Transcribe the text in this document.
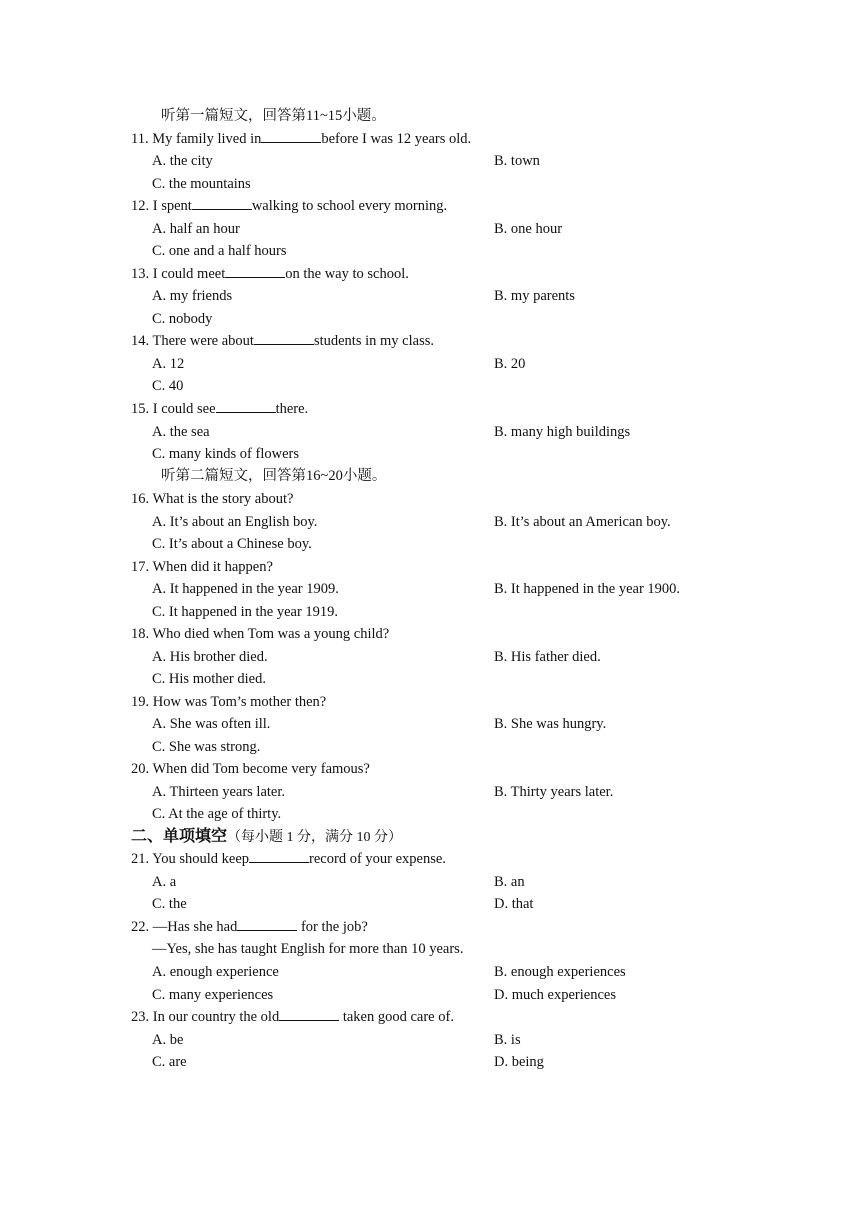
听第一篇短文，回答第11~15小题。
11. My family lived in	before I was 12 years old.
A. the city	B. town
C. the mountains
12. I spent	walking to school every morning.
A. half an hour	B. one hour
C. one and a half hours
13. I could meet	on the way to school.
A. my friends	B. my parents
C. nobody
14. There were about	students in my class.
A. 12	B. 20
C. 40
15. I could see	there.
A. the sea	B. many high buildings
C. many kinds of flowers
听第二篇短文，回答第16~20小题。
16. What is the story about?
A. It’s about an English boy.	B. It’s about an American boy.
C. It’s about a Chinese boy.
17. When did it happen?
A. It happened in the year 1909.	B. It happened in the year 1900.
C. It happened in the year 1919.
18. Who died when Tom was a young child?
A. His brother died.	B. His father died.
C. His mother died.
19. How was Tom’s mother then?
A. She was often ill.	B. She was hungry.
C. She was strong.
20. When did Tom become very famous?
A. Thirteen years later.	B. Thirty years later.
C. At the age of thirty.
二、单项填空（每小题 1 分，满分 10 分）
21. You should keep	record of your expense.
A. a	B. an
C. the	D. that
22. —Has she had	for the job?
—Yes, she has taught English for more than 10 years.
A. enough experience	B. enough experiences
C. many experiences	D. much experiences
23. In our country the old	taken good care of.
A. be	B. is
C. are	D. being
